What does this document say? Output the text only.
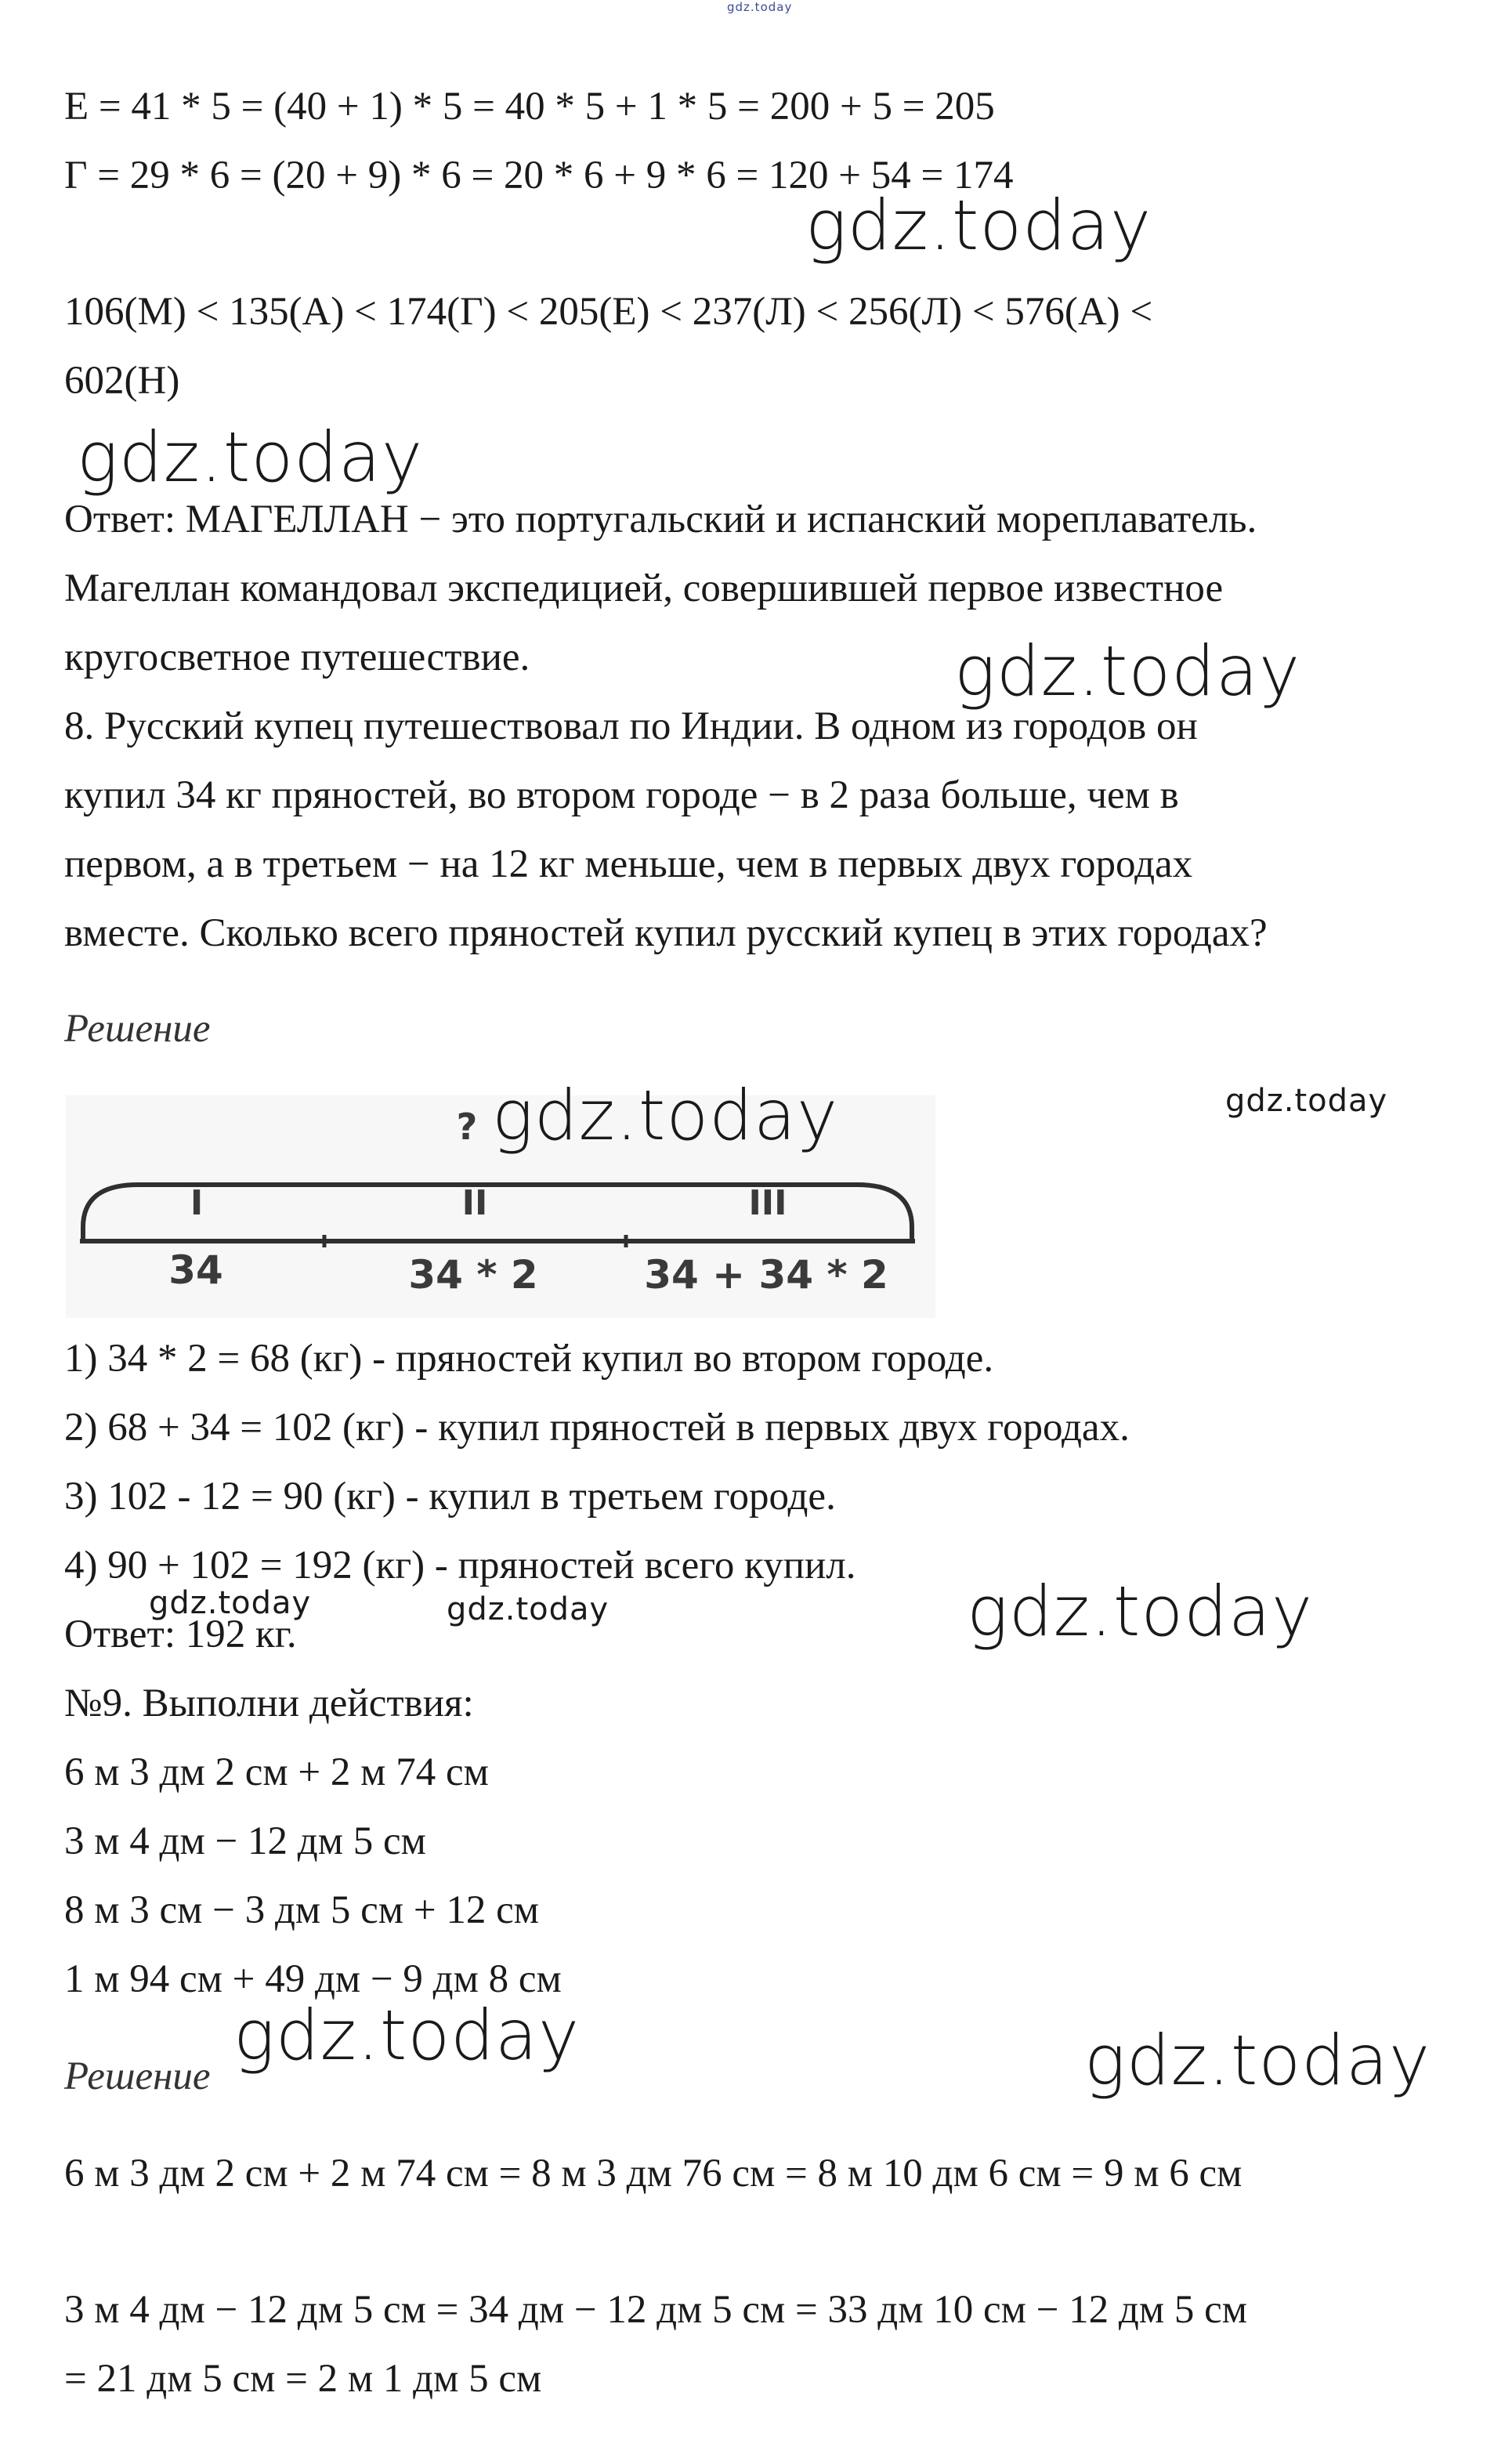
gdz.today
Е = 41 * 5 = (40 + 1) * 5 = 40 * 5 + 1 * 5 = 200 + 5 = 205
Г = 29 * 6 = (20 + 9) * 6 = 20 * 6 + 9 * 6 = 120 + 54 = 174
gdz.today
106(М) < 135(А) < 174(Г) < 205(Е) < 237(Л) < 256(Л) < 576(А) <
602(Н)
gdz.today
Ответ: МАГЕЛЛАН − это португальский и испанский мореплаватель.
Магеллан командовал экспедицией, совершившей первое известное
кругосветное путешествие.	gdz.today
8. Русский купец путешествовал по Индии. В одном из городов он
купил 34 кг пряностей, во втором городе − в 2 раза больше, чем в
первом, а в третьем − на 12 кг меньше, чем в первых двух городах
вместе. Сколько всего пряностей купил русский купец в этих городах?
Решение
gdz.today
?
I	II	III
34	34 * 2	34 + 34 * 2
gdz.today
1) 34 * 2 = 68 (кг) - пряностей купил во втором городе.
2) 68 + 34 = 102 (кг) - купил пряностей в первых двух городах.
3) 102 - 12 = 90 (кг) - купил в третьем городе.
4) 90 + 102 = 192 (кг) - пряностей всего купил.
gdz.today	gdz.today	gdz.today
Ответ: 192 кг.
№9. Выполни действия:
6 м 3 дм 2 см + 2 м 74 см
3 м 4 дм − 12 дм 5 см
8 м 3 см − 3 дм 5 см + 12 см
1 м 94 см + 49 дм − 9 дм 8 см
gdz.today	gdz.today
Решение
6 м 3 дм 2 см + 2 м 74 см = 8 м 3 дм 76 см = 8 м 10 дм 6 см = 9 м 6 см
3 м 4 дм − 12 дм 5 см = 34 дм − 12 дм 5 см = 33 дм 10 см − 12 дм 5 см
= 21 дм 5 см = 2 м 1 дм 5 см
